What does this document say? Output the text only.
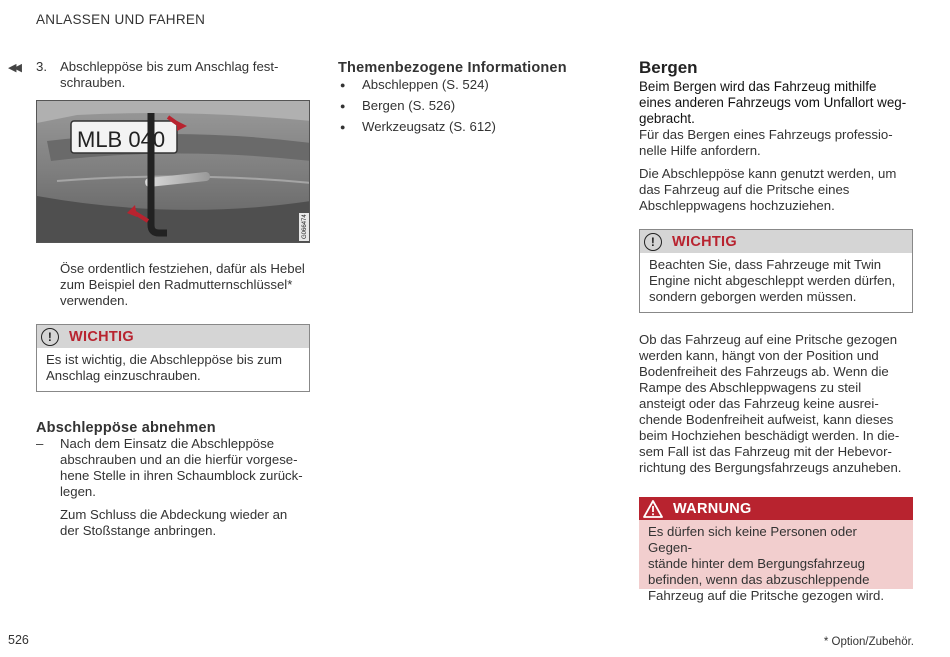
ANLASSEN UND FAHREN
◀◀ 3. Abschleppöse bis zum Anschlag fest-
schrauben.
MLB 040
G066474
Öse ordentlich festziehen, dafür als Hebel
zum Beispiel den Radmutternschlüssel*
verwenden.
!	WICHTIG
Es ist wichtig, die Abschleppöse bis zum
Anschlag einzuschrauben.
Abschleppöse abnehmen
–	Nach dem Einsatz die Abschleppöse
abschrauben und an die hierfür vorgese-
hene Stelle in ihren Schaumblock zurück-
legen.
Zum Schluss die Abdeckung wieder an
der Stoßstange anbringen.
Themenbezogene Informationen
●	Abschleppen (S. 524)
●	Bergen (S. 526)
●	Werkzeugsatz (S. 612)
Bergen
Beim Bergen wird das Fahrzeug mithilfe
eines anderen Fahrzeugs vom Unfallort weg-
gebracht.
Für das Bergen eines Fahrzeugs professio-
nelle Hilfe anfordern.
Die Abschleppöse kann genutzt werden, um
das Fahrzeug auf die Pritsche eines
Abschleppwagens hochzuziehen.
!	WICHTIG
Beachten Sie, dass Fahrzeuge mit Twin
Engine nicht abgeschleppt werden dürfen,
sondern geborgen werden müssen.
Ob das Fahrzeug auf eine Pritsche gezogen
werden kann, hängt von der Position und
Bodenfreiheit des Fahrzeugs ab. Wenn die
Rampe des Abschleppwagens zu steil
ansteigt oder das Fahrzeug keine ausrei-
chende Bodenfreiheit aufweist, kann dieses
beim Hochziehen beschädigt werden. In die-
sem Fall ist das Fahrzeug mit der Hebevor-
richtung des Bergungsfahrzeugs anzuheben.
WARNUNG
Es dürfen sich keine Personen oder Gegen-
stände hinter dem Bergungsfahrzeug
befinden, wenn das abzuschleppende
Fahrzeug auf die Pritsche gezogen wird.
526	* Option/Zubehör.
